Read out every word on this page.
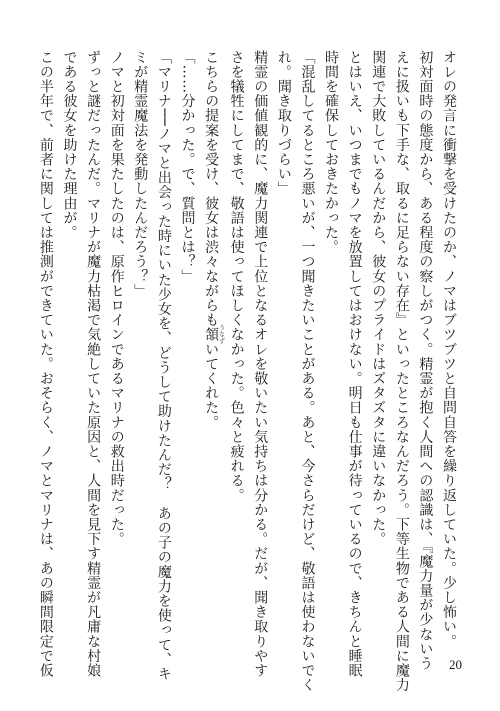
オレの発言に衝撃を受けたのか、ノマはブツブツと自問自答を繰り返していた。少し怖い。
初対面時の態度から、ある程度の察しがつく。精霊が抱く人間への認識は、『魔力量が少ないう
えに扱いも下手な、取るに足らない存在』といったところなんだろう。下等生物である人間に魔力
関連で大敗しているんだから、彼女のプライドはズタズタに違いなかった。
とはいえ、いつまでもノマを放置してはおけない。明日も仕事が待っているので、きちんと睡眠
時間を確保しておきたかった。
「混乱してるところ悪いが、一つ聞きたいことがある。あと、今さらだけど、敬語は使わないでく
れ。聞き取りづらい」
精霊の価値観的に、魔力関連で上位となるオレを敬いたい気持ちは分かる。だが、聞き取りやす
さを犠牲にしてまで、敬語は使ってほしくなかった。色々と疲れる。
こちらの提案を受け、彼女は渋々ながらも頷うなずいてくれた。
「……分かった。で、質問とは？」
「マリナ──ノマと出会った時にいた少女を、どうして助けたんだ？　あの子の魔力を使って、キ
ミが精霊魔法を発動したんだろう？」
ノマと初対面を果たしたのは、原作ヒロインであるマリナの救出時だった。
ずっと謎だったんだ。マリナが魔力枯渇で気絶していた原因と、人間を見下す精霊が凡庸な村娘
である彼女を助けた理由が。
この半年で、前者に関しては推測ができていた。おそらく、ノマとマリナは、あの瞬間限定で仮	20
